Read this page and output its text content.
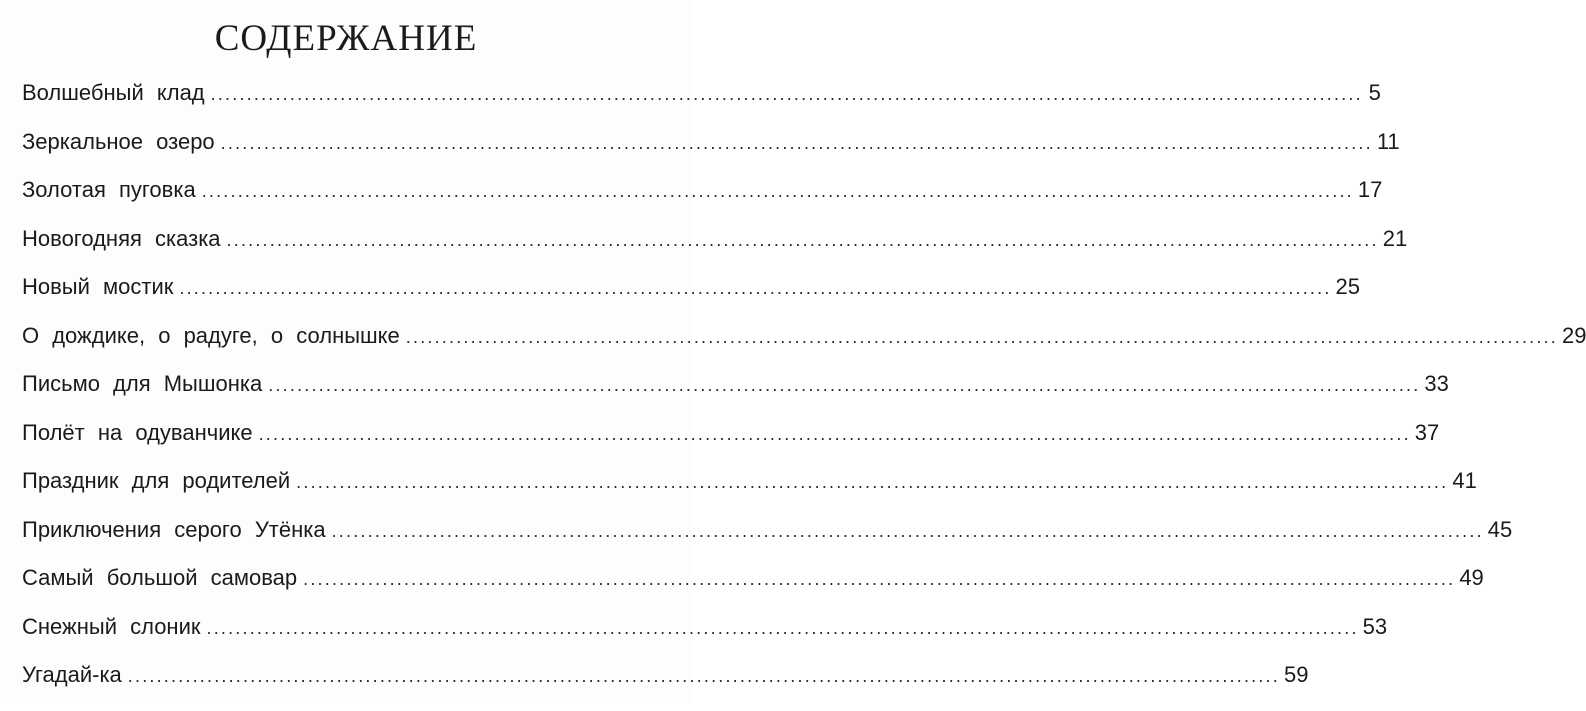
СОДЕРЖАНИЕ
Волшебный клад ................................................................................................................................................................ 5
Зеркальное озеро ................................................................................................................................................................ 11
Золотая пуговка ................................................................................................................................................................ 17
Новогодняя сказка ................................................................................................................................................................ 21
Новый мостик ................................................................................................................................................................ 25
О дождике, о радуге, о солнышке ................................................................................................................................................................ 29
Письмо для Мышонка ................................................................................................................................................................ 33
Полёт на одуванчике ................................................................................................................................................................ 37
Праздник для родителей ................................................................................................................................................................ 41
Приключения серого Утёнка ................................................................................................................................................................ 45
Самый большой самовар ................................................................................................................................................................ 49
Снежный слоник ................................................................................................................................................................ 53
Угадай-ка ................................................................................................................................................................ 59
